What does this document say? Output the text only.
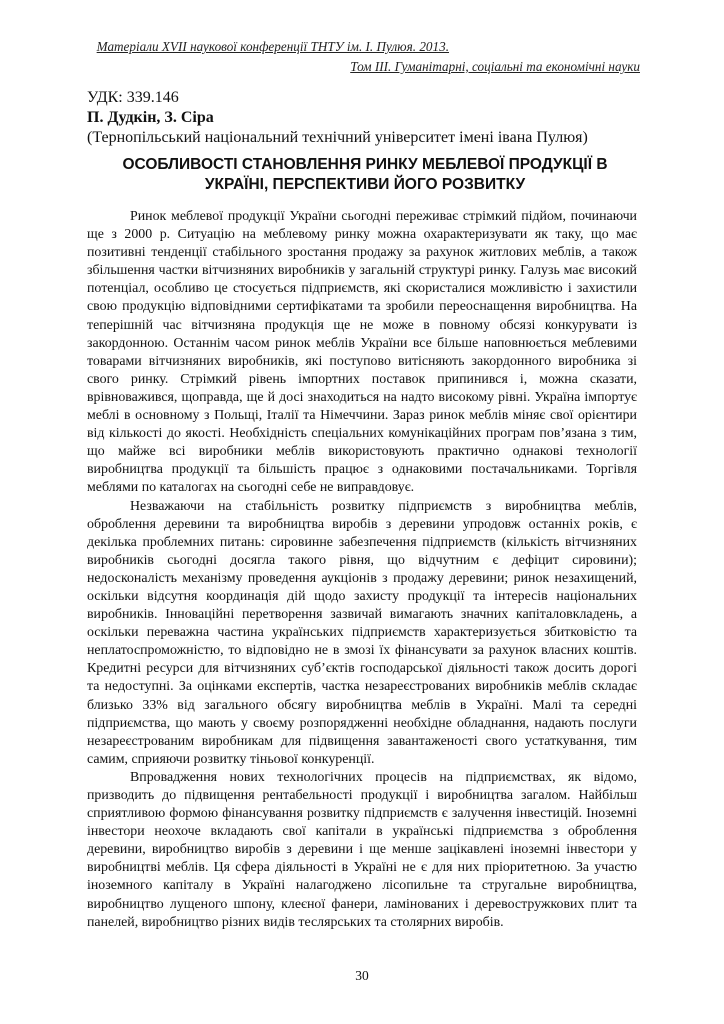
Матеріали XVII наукової конференції ТНТУ ім. І. Пулюя. 2013.
Том ІІІ. Гуманітарні, соціальні та економічні науки
УДК: 339.146
П. Дудкін, З. Сіра
(Тернопільський національний технічний університет імені івана Пулюя)
ОСОБЛИВОСТІ СТАНОВЛЕННЯ РИНКУ МЕБЛЕВОЇ ПРОДУКЦІЇ В УКРАЇНІ, ПЕРСПЕКТИВИ ЙОГО РОЗВИТКУ

Ринок меблевої продукції України сьогодні переживає стрімкий підйом, починаючи ще з 2000 р. Ситуацію на меблевому ринку можна охарактеризувати як таку, що має позитивні тенденції стабільного зростання продажу за рахунок житлових меблів, а також збільшення частки вітчизняних виробників у загальній структурі ринку. Галузь має високий потенціал, особливо це стосується підприємств, які скористалися можливістю і захистили свою продукцію відповідними сертифікатами та зробили переоснащення виробництва. На теперішній час вітчизняна продукція ще не може в повному обсязі конкурувати із закордонною. Останнім часом ринок меблів України все більше наповнюється меблевими товарами вітчизняних виробників, які поступово витісняють закордонного виробника зі свого ринку. Стрімкий рівень імпортних поставок припинився і, можна сказати, врівноважився, щоправда, ще й досі знаходиться на надто високому рівні. Україна імпортує меблі в основному з Польщі, Італії та Німеччини. Зараз ринок меблів міняє свої орієнтири від кількості до якості. Необхідність спеціальних комунікаційних програм пов’язана з тим, що майже всі виробники меблів використовують практично однакові технології виробництва продукції та більшість працює з однаковими постачальниками. Торгівля меблями по каталогах на сьогодні себе не виправдовує.

Незважаючи на стабільність розвитку підприємств з виробництва меблів, оброблення деревини та виробництва виробів з деревини упродовж останніх років, є декілька проблемних питань: сировинне забезпечення підприємств (кількість вітчизняних виробників сьогодні досягла такого рівня, що відчутним є дефіцит сировини); недосконалість механізму проведення аукціонів з продажу деревини; ринок незахищений, оскільки відсутня координація дій щодо захисту продукції та інтересів національних виробників. Інноваційні перетворення зазвичай вимагають значних капіталовкладень, а оскільки переважна частина українських підприємств характеризується збитковістю та неплатоспроможністю, то відповідно не в змозі їх фінансувати за рахунок власних коштів. Кредитні ресурси для вітчизняних суб’єктів господарської діяльності також досить дорогі та недоступні. За оцінками експертів, частка незареєстрованих виробників меблів складає близько 33% від загального обсягу виробництва меблів в Україні. Малі та середні підприємства, що мають у своєму розпорядженні необхідне обладнання, надають послуги незареєстрованим виробникам для підвищення завантаженості свого устаткування, тим самим, сприяючи розвитку тіньової конкуренції.

Впровадження нових технологічних процесів на підприємствах, як відомо, призводить до підвищення рентабельності продукції і виробництва загалом. Найбільш сприятливою формою фінансування розвитку підприємств є залучення інвестицій. Іноземні інвестори неохоче вкладають свої капітали в українські підприємства з оброблення деревини, виробництво виробів з деревини і ще менше зацікавлені іноземні інвестори у виробництві меблів. Ця сфера діяльності в Україні не є для них пріоритетною. За участю іноземного капіталу в Україні налагоджено лісопильне та стругальне виробництва, виробництво лущеного шпону, клеєної фанери, ламінованих і деревостружкових плит та панелей, виробництво різних видів теслярських та столярних виробів.

30
